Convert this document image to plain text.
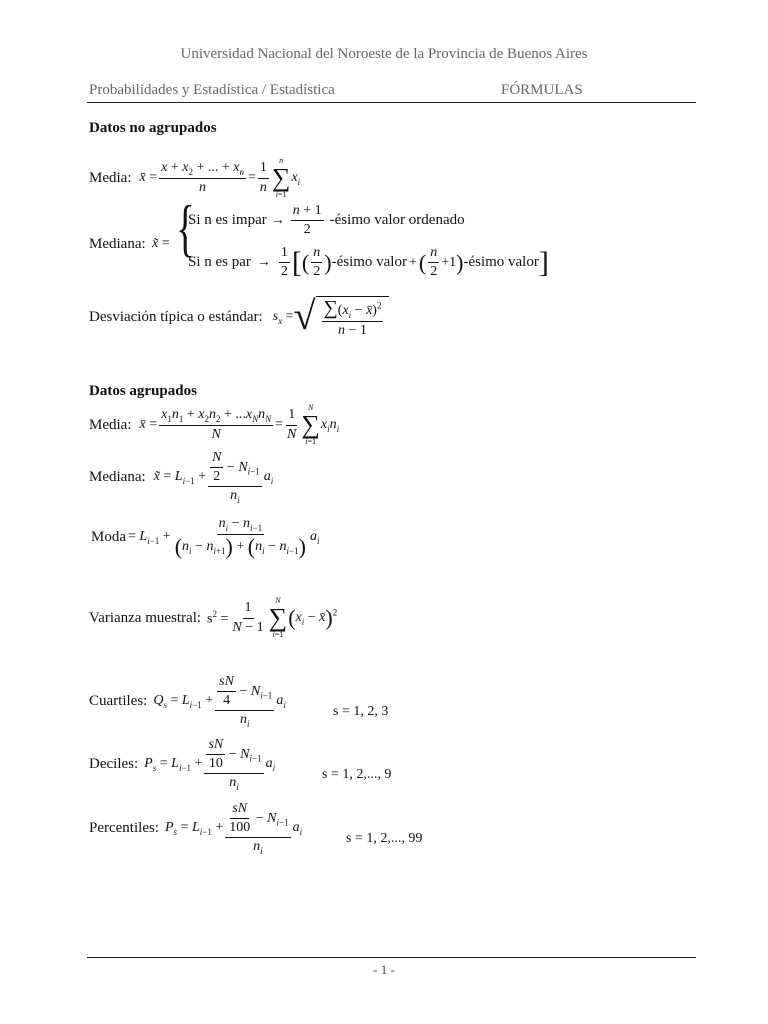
Universidad Nacional del Noroeste de la Provincia de Buenos Aires
Probabilidades y Estadística / Estadística	FÓRMULAS
Datos no agrupados
Media: x̄ = $\frac{x + x_2 + ... + x_n}{n} = \frac{1}{n}$ n
∑
i=1
$x_i$
Mediana: x̃ = {
Si n es impar → $\frac{n + 1}{2}$ -ésimo valor ordenado
Si n es par → $\frac{1}{2}$ [ ( $\frac{n}{2}$ ) -ésimo valor + ( $\frac{n}{2} +1$ ) -ésimo valor ]
Desviación típica o estándar: $s_x$ = √ $\frac{\sum(x_i - x̄)^2}{n - 1}$
Datos agrupados
Media: x̄ = $\frac{x_1n_1 + x_2n_2 + ...x_Nn_N}{N} = \frac{1}{N}$ N
∑
i=1
$x_in_i$
Mediana: x̃ = $L_{i-1} + \frac{\frac{N}{2} - N_{i-1}}{n_i} a_i$
Moda = $L_{i-1} + \frac{n_i - n_{i-1}}{(n_i - n_{i+1}) + (n_i - n_{i-1})} a_i$
Varianza muestral: $s^2 = \frac{1}{N - 1}$ N
∑
i=1
($x_i$ − x̄)$^2$
Cuartiles: $Q_s = L_{i-1} + \frac{\frac{sN}{4} - N_{i-1}}{n_i} a_i$	s = 1, 2, 3
Deciles: $P_s = L_{i-1} + \frac{\frac{sN}{10} - N_{i-1}}{n_i} a_i$	s = 1, 2,..., 9
Percentiles: $P_s = L_{i-1} + \frac{\frac{sN}{100} - N_{i-1}}{n_i} a_i$	s = 1, 2,..., 99
- 1 -
